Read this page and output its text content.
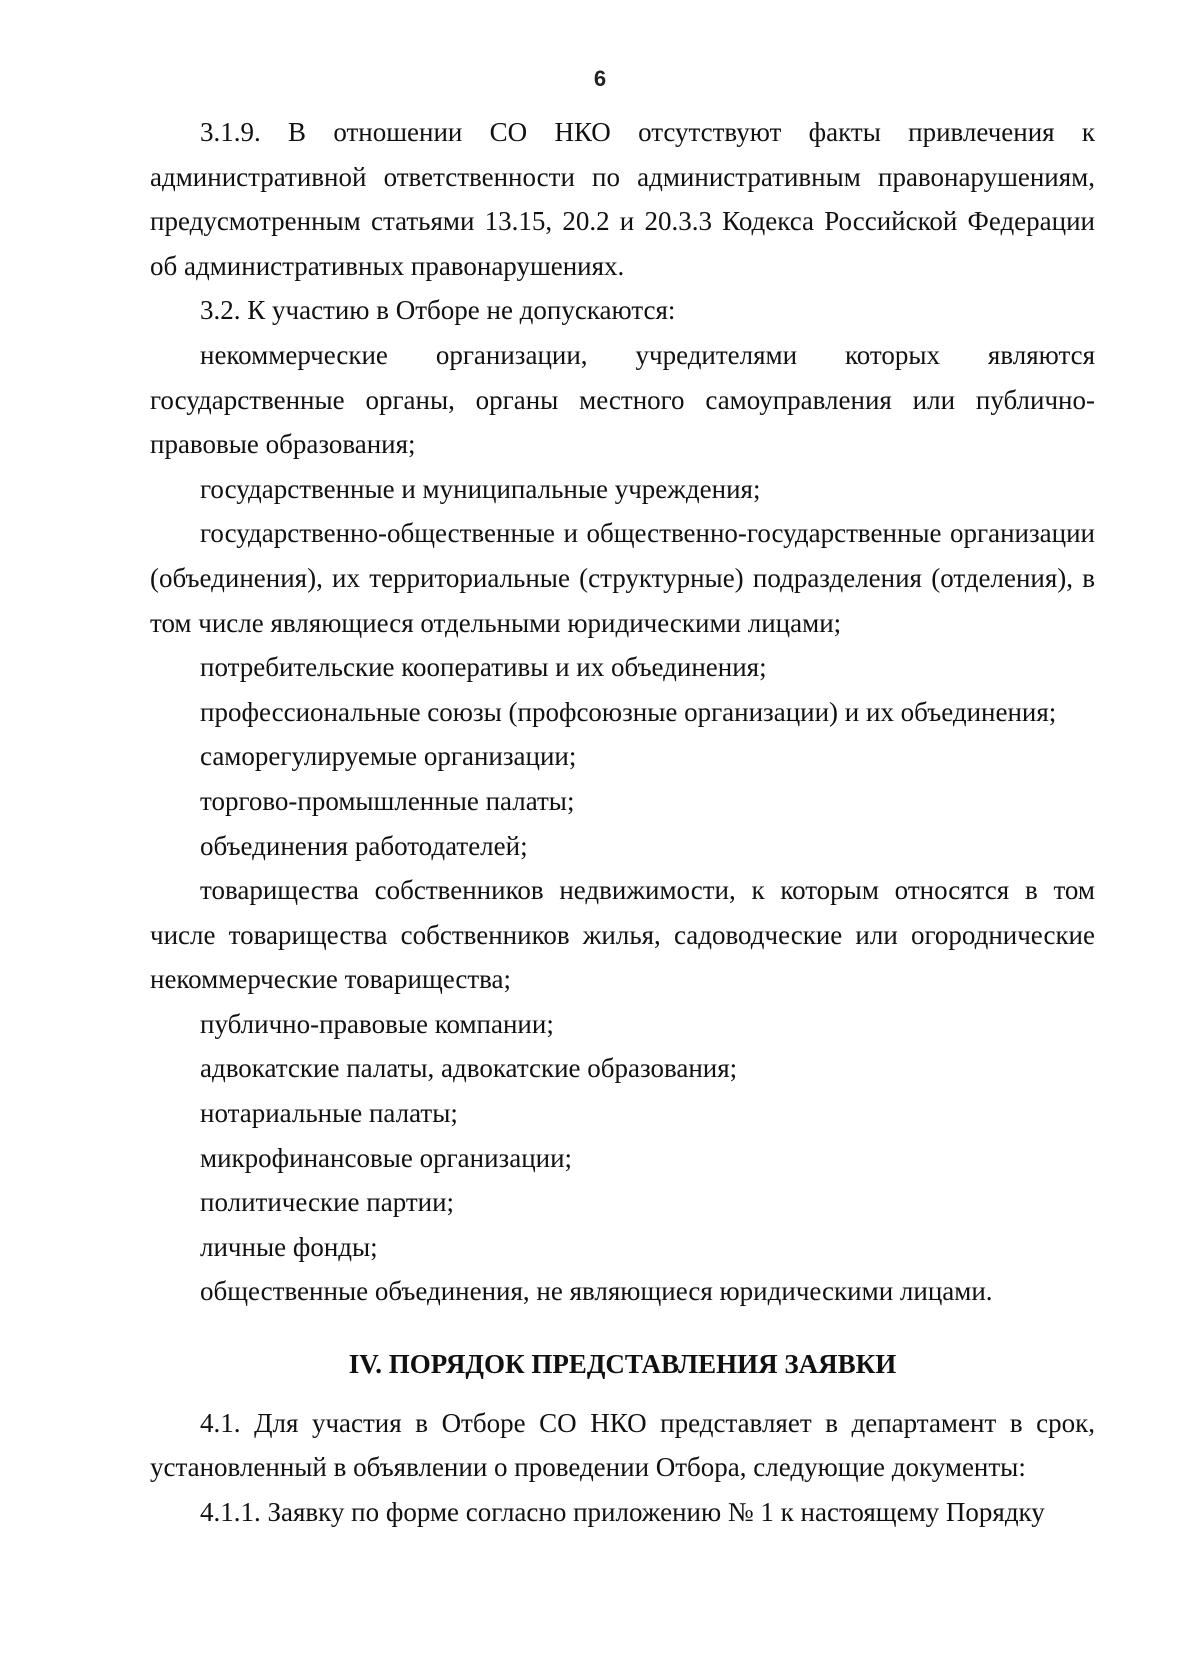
6

3.1.9. В отношении СО НКО отсутствуют факты привлечения к административной ответственности по административным правонарушениям, предусмотренным статьями 13.15, 20.2 и 20.3.3 Кодекса Российской Федерации об административных правонарушениях.

3.2. К участию в Отборе не допускаются:

некоммерческие организации, учредителями которых являются государственные органы, органы местного самоуправления или публично-правовые образования;

государственные и муниципальные учреждения;

государственно-общественные и общественно-государственные организации (объединения), их территориальные (структурные) подразделения (отделения), в том числе являющиеся отдельными юридическими лицами;

потребительские кооперативы и их объединения;

профессиональные союзы (профсоюзные организации) и их объединения;

саморегулируемые организации;

торгово-промышленные палаты;

объединения работодателей;

товарищества собственников недвижимости, к которым относятся в том числе товарищества собственников жилья, садоводческие или огороднические некоммерческие товарищества;

публично-правовые компании;

адвокатские палаты, адвокатские образования;

нотариальные палаты;

микрофинансовые организации;

политические партии;

личные фонды;

общественные объединения, не являющиеся юридическими лицами.

IV. ПОРЯДОК ПРЕДСТАВЛЕНИЯ ЗАЯВКИ

4.1. Для участия в Отборе СО НКО представляет в департамент в срок, установленный в объявлении о проведении Отбора, следующие документы:

4.1.1. Заявку по форме согласно приложению № 1 к настоящему Порядку
